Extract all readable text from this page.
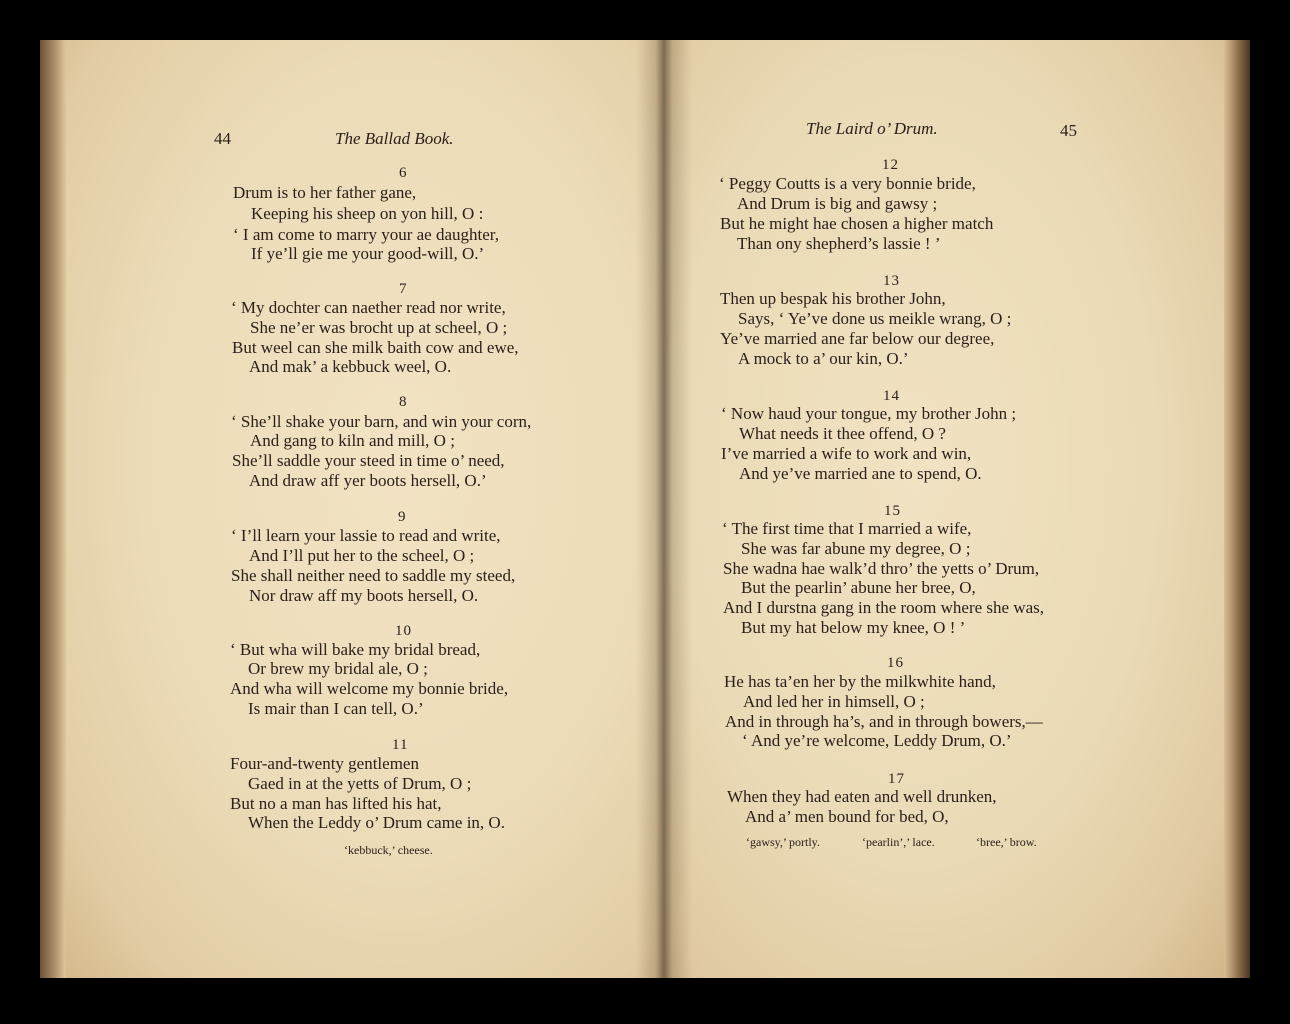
44	The Ballad Book.
6
Drum is to her father gane,
Keeping his sheep on yon hill, O :
‘ I am come to marry your ae daughter,
If ye’ll gie me your good-will, O.’
7
‘ My dochter can naether read nor write,
She ne’er was brocht up at scheel, O ;
But weel can she milk baith cow and ewe,
And mak’ a kebbuck weel, O.
8
‘ She’ll shake your barn, and win your corn,
And gang to kiln and mill, O ;
She’ll saddle your steed in time o’ need,
And draw aff yer boots hersell, O.’
9
‘ I’ll learn your lassie to read and write,
And I’ll put her to the scheel, O ;
She shall neither need to saddle my steed,
Nor draw aff my boots hersell, O.
10
‘ But wha will bake my bridal bread,
Or brew my bridal ale, O ;
And wha will welcome my bonnie bride,
Is mair than I can tell, O.’
11
Four-and-twenty gentlemen
Gaed in at the yetts of Drum, O ;
But no a man has lifted his hat,
When the Leddy o’ Drum came in, O.
‘kebbuck,’ cheese.
The Laird o’ Drum.	45
12
‘ Peggy Coutts is a very bonnie bride,
And Drum is big and gawsy ;
But he might hae chosen a higher match
Than ony shepherd’s lassie ! ’
13
Then up bespak his brother John,
Says, ‘ Ye’ve done us meikle wrang, O ;
Ye’ve married ane far below our degree,
A mock to a’ our kin, O.’
14
‘ Now haud your tongue, my brother John ;
What needs it thee offend, O ?
I’ve married a wife to work and win,
And ye’ve married ane to spend, O.
15
‘ The first time that I married a wife,
She was far abune my degree, O ;
She wadna hae walk’d thro’ the yetts o’ Drum,
But the pearlin’ abune her bree, O,
And I durstna gang in the room where she was,
But my hat below my knee, O ! ’
16
He has ta’en her by the milkwhite hand,
And led her in himsell, O ;
And in through ha’s, and in through bowers,—
‘ And ye’re welcome, Leddy Drum, O.’
17
When they had eaten and well drunken,
And a’ men bound for bed, O,
‘gawsy,’ portly.	‘pearlin’,’ lace.	‘bree,’ brow.
